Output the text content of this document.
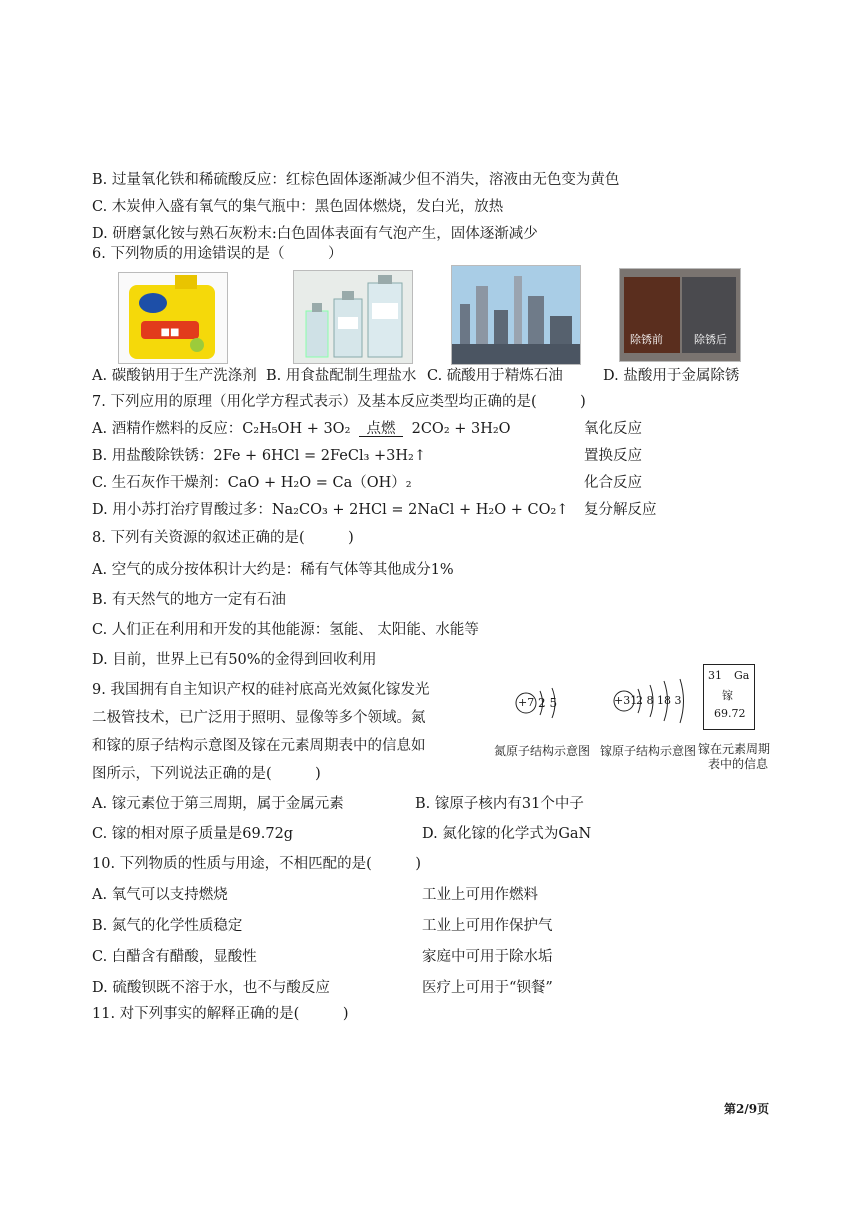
B. 过量氧化铁和稀硫酸反应：红棕色固体逐渐减少但不消失，溶液由无色变为黄色
C. 木炭伸入盛有氧气的集气瓶中：黑色固体燃烧，发白光，放热
D. 研磨氯化铵与熟石灰粉末:白色固体表面有气泡产生，固体逐渐减少
6. 下列物质的用途错误的是（　　　）
■■
除锈前	除锈后
A. 碳酸钠用于生产洗涤剂 B. 用食盐配制生理盐水 C. 硫酸用于精炼石油	D. 盐酸用于金属除锈
7. 下列应用的原理（用化学方程式表示）及基本反应类型均正确的是(　　　)
A. 酒精作燃料的反应：C₂H₅OH + 3O₂ 点燃 2CO₂ + 3H₂O	氧化反应
B. 用盐酸除铁锈：2Fe + 6HCl = 2FeCl₃ +3H₂↑	置换反应
C. 生石灰作干燥剂：CaO + H₂O = Ca（OH）₂	化合反应
D. 用小苏打治疗胃酸过多：Na₂CO₃ + 2HCl = 2NaCl + H₂O + CO₂↑ 复分解反应
8. 下列有关资源的叙述正确的是(　　　)
A. 空气的成分按体积计大约是：稀有气体等其他成分1%
B. 有天然气的地方一定有石油
C. 人们正在利用和开发的其他能源：氢能、 太阳能、水能等
D. 目前，世界上已有50%的金得到回收利用
9. 我国拥有自主知识产权的硅衬底高光效氮化镓发光
二极管技术，已广泛用于照明、显像等多个领域。氮
和镓的原子结构示意图及镓在元素周期表中的信息如
图所示，下列说法正确的是(　　　)
+7 2 5	+31
2 8 18 3
31 Ga
镓
69.72
氮原子结构示意图 镓原子结构示意图 镓在元素周期
表中的信息
A. 镓元素位于第三周期，属于金属元素	B. 镓原子核内有31个中子
C. 镓的相对原子质量是69.72g	D. 氮化镓的化学式为GaN
10. 下列物质的性质与用途，不相匹配的是(　　　)
A. 氧气可以支持燃烧	工业上可用作燃料
B. 氮气的化学性质稳定	工业上可用作保护气
C. 白醋含有醋酸，显酸性	家庭中可用于除水垢
D. 硫酸钡既不溶于水，也不与酸反应	医疗上可用于“钡餐”
11. 对下列事实的解释正确的是(　　　)
第2/9页
